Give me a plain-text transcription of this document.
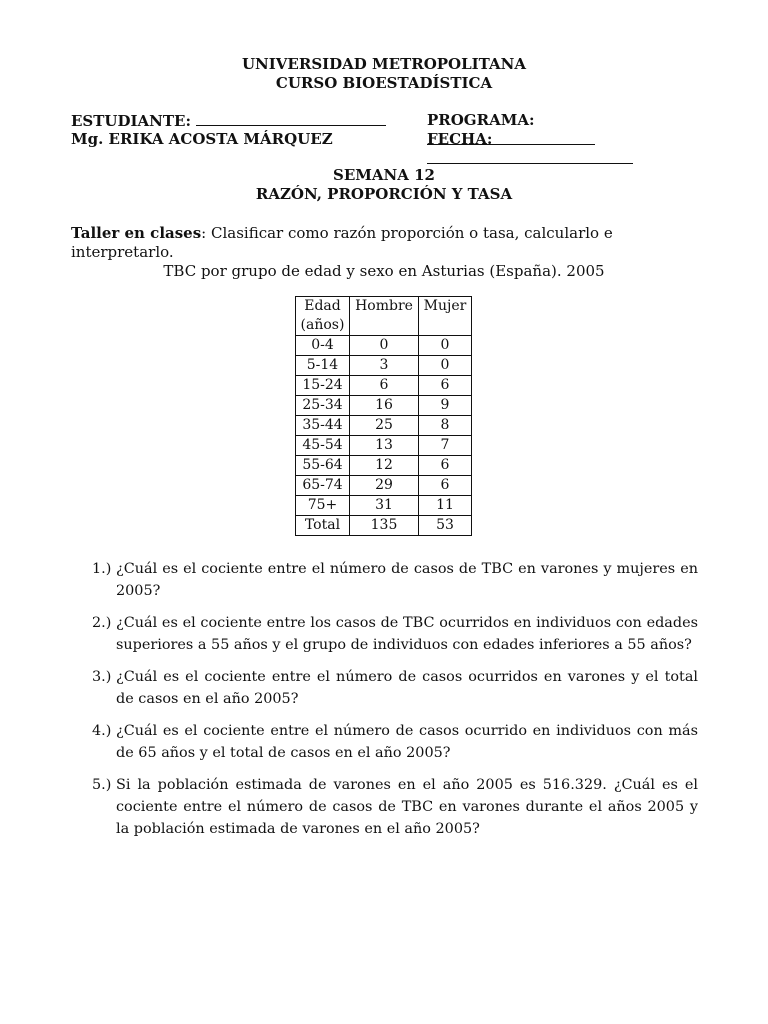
UNIVERSIDAD METROPOLITANA
CURSO BIOESTADÍSTICA
ESTUDIANTE:	PROGRAMA:
Mg. ERIKA ACOSTA MÁRQUEZ	FECHA:
SEMANA 12
RAZÓN, PROPORCIÓN Y TASA
Taller en clases: Clasificar como razón proporción o tasa, calcularlo e interpretarlo.
TBC por grupo de edad y sexo en Asturias (España). 2005
Edad
(años)	Hombre	Mujer
0-4	0	0
5-14	3	0
15-24	6	6
25-34	16	9
35-44	25	8
45-54	13	7
55-64	12	6
65-74	29	6
75+	31	11
Total	135	53
1.) ¿Cuál es el cociente entre el número de casos de TBC en varones y mujeres en 2005?
2.) ¿Cuál es el cociente entre los casos de TBC ocurridos en individuos con edades superiores a 55 años y el grupo de individuos con edades inferiores a 55 años?
3.) ¿Cuál es el cociente entre el número de casos ocurridos en varones y el total de casos en el año 2005?
4.) ¿Cuál es el cociente entre el número de casos ocurrido en individuos con más de 65 años y el total de casos en el año 2005?
5.) Si la población estimada de varones en el año 2005 es 516.329. ¿Cuál es el cociente entre el número de casos de TBC en varones durante el años 2005 y la población estimada de varones en el año 2005?
